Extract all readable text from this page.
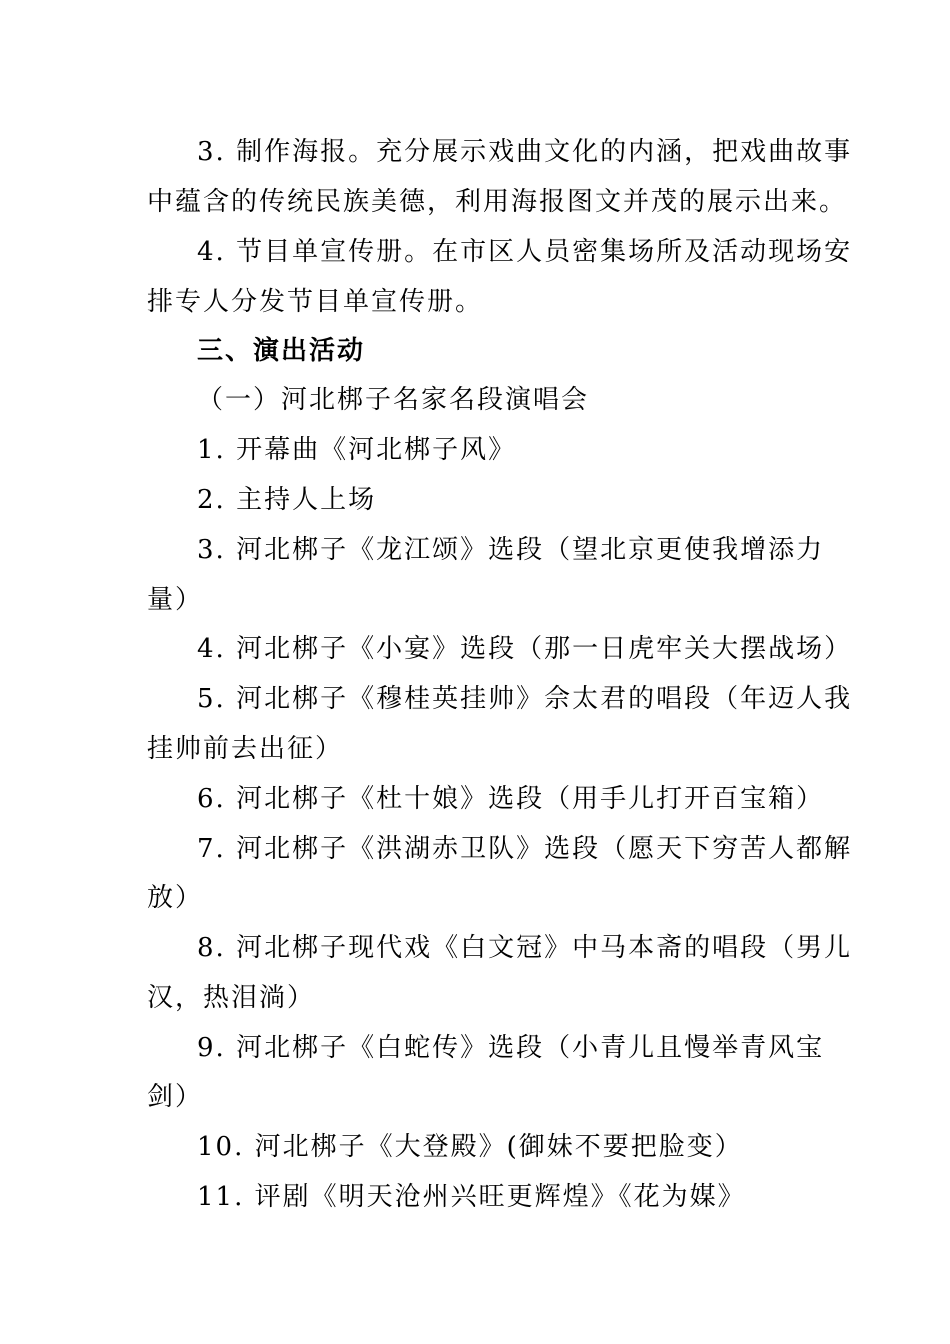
3. 制作海报。充分展示戏曲文化的内涵，把戏曲故事
中蕴含的传统民族美德，利用海报图文并茂的展示出来。
4. 节目单宣传册。在市区人员密集场所及活动现场安
排专人分发节目单宣传册。
三、演出活动
（一）河北梆子名家名段演唱会
1. 开幕曲《河北梆子风》
2. 主持人上场
3. 河北梆子《龙江颂》选段（望北京更使我增添力
量）
4. 河北梆子《小宴》选段（那一日虎牢关大摆战场）
5. 河北梆子《穆桂英挂帅》佘太君的唱段（年迈人我
挂帅前去出征）
6. 河北梆子《杜十娘》选段（用手儿打开百宝箱）
7. 河北梆子《洪湖赤卫队》选段（愿天下穷苦人都解
放）
8. 河北梆子现代戏《白文冠》中马本斋的唱段（男儿
汉，热泪淌）
9. 河北梆子《白蛇传》选段（小青儿且慢举青风宝
剑）
10. 河北梆子《大登殿》(御妹不要把脸变）
11. 评剧《明天沧州兴旺更辉煌》《花为媒》
